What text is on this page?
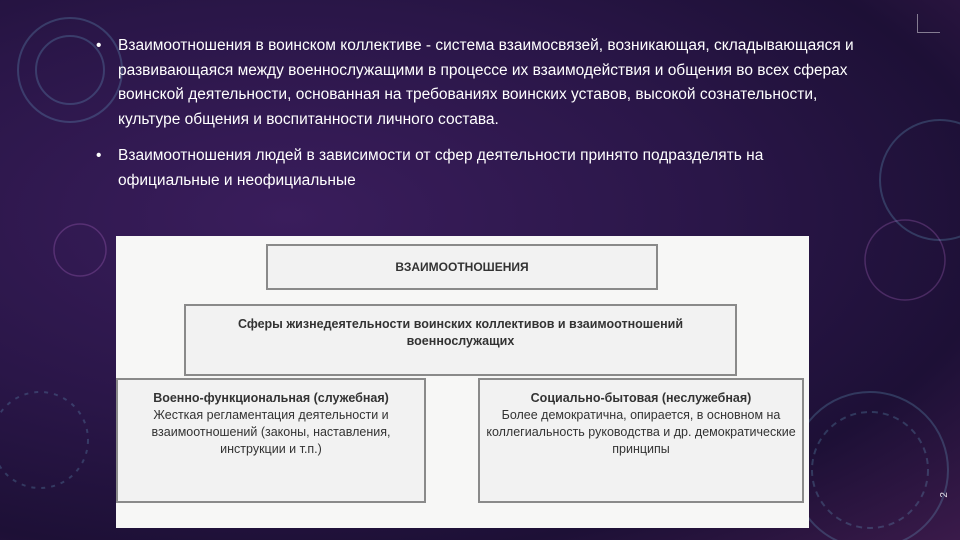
• Взаимоотношения в воинском коллективе - система взаимосвязей, возникающая, складывающаяся и развивающаяся между военнослужащими в процессе их взаимодействия и общения во всех сферах воинской деятельности, основанная на требованиях воинских уставов, высокой сознательности, культуре общения и воспитанности личного состава.
• Взаимоотношения людей в зависимости от сфер деятельности принято подразделять на официальные и неофициальные
ВЗАИМООТНОШЕНИЯ
Сферы жизнедеятельности воинских коллективов и взаимоотношений военнослужащих
Военно-функциональная (служебная)
Жесткая регламентация деятельности и взаимоотношений (законы, наставления, инструкции и т.п.)
Социально-бытовая (неслужебная)
Более демократична, опирается, в основном на коллегиальность руководства и др. демократические принципы
2
